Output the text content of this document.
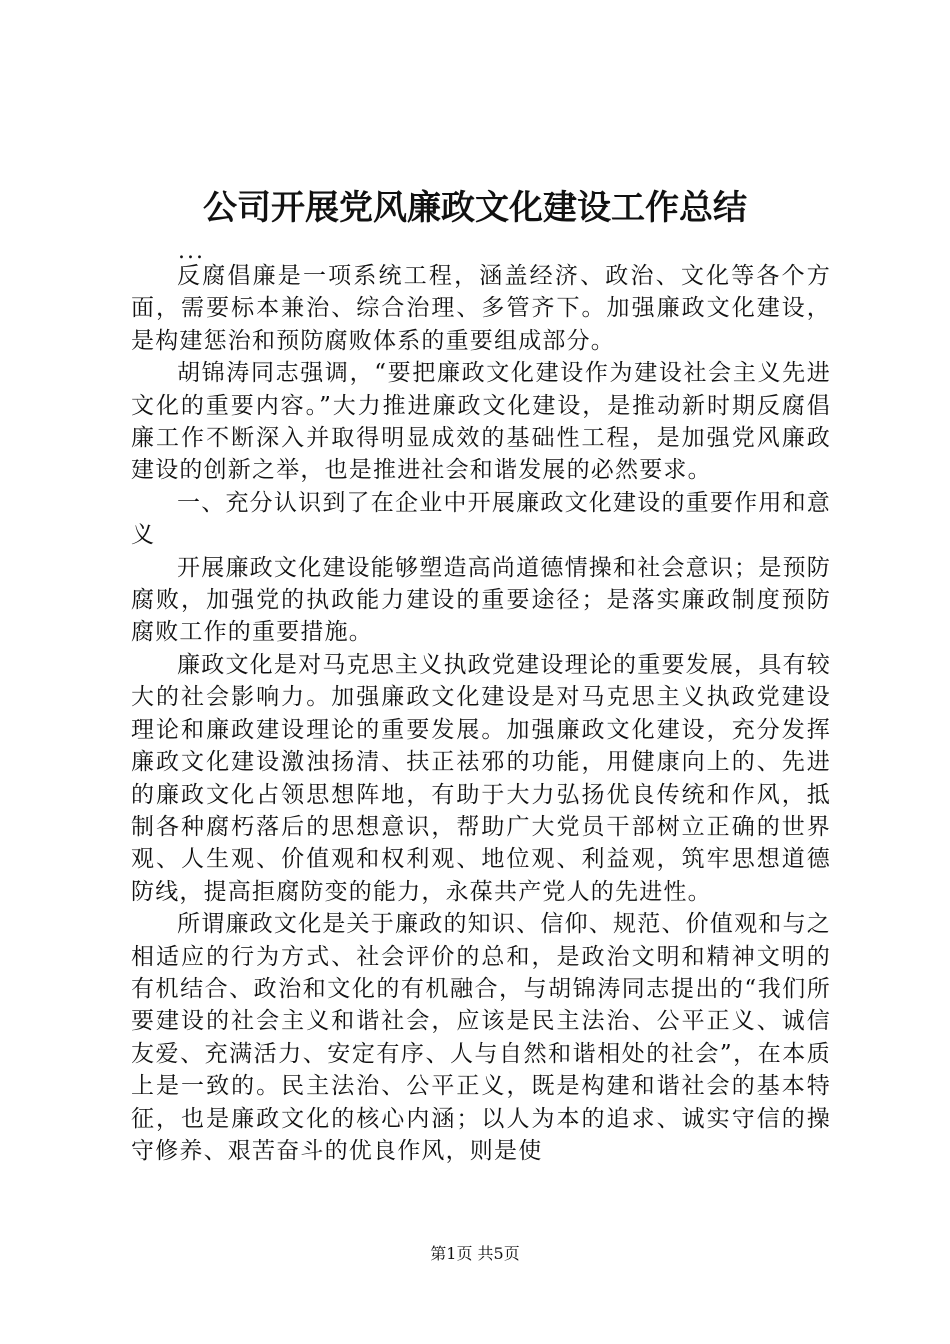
公司开展党风廉政文化建设工作总结
...

反腐倡廉是一项系统工程，涵盖经济、政治、文化等各个方面，需要标本兼治、综合治理、多管齐下。加强廉政文化建设，是构建惩治和预防腐败体系的重要组成部分。

胡锦涛同志强调，“要把廉政文化建设作为建设社会主义先进文化的重要内容。”大力推进廉政文化建设，是推动新时期反腐倡廉工作不断深入并取得明显成效的基础性工程，是加强党风廉政建设的创新之举，也是推进社会和谐发展的必然要求。

一、充分认识到了在企业中开展廉政文化建设的重要作用和意义

开展廉政文化建设能够塑造高尚道德情操和社会意识；是预防腐败，加强党的执政能力建设的重要途径；是落实廉政制度预防腐败工作的重要措施。

廉政文化是对马克思主义执政党建设理论的重要发展，具有较大的社会影响力。加强廉政文化建设是对马克思主义执政党建设理论和廉政建设理论的重要发展。加强廉政文化建设，充分发挥廉政文化建设激浊扬清、扶正祛邪的功能，用健康向上的、先进的廉政文化占领思想阵地，有助于大力弘扬优良传统和作风，抵制各种腐朽落后的思想意识，帮助广大党员干部树立正确的世界观、人生观、价值观和权利观、地位观、利益观，筑牢思想道德防线，提高拒腐防变的能力，永葆共产党人的先进性。

所谓廉政文化是关于廉政的知识、信仰、规范、价值观和与之相适应的行为方式、社会评价的总和，是政治文明和精神文明的有机结合、政治和文化的有机融合，与胡锦涛同志提出的“我们所要建设的社会主义和谐社会，应该是民主法治、公平正义、诚信友爱、充满活力、安定有序、人与自然和谐相处的社会”，在本质上是一致的。民主法治、公平正义，既是构建和谐社会的基本特征，也是廉政文化的核心内涵；以人为本的追求、诚实守信的操守修养、艰苦奋斗的优良作风，则是使

第1页 共5页
